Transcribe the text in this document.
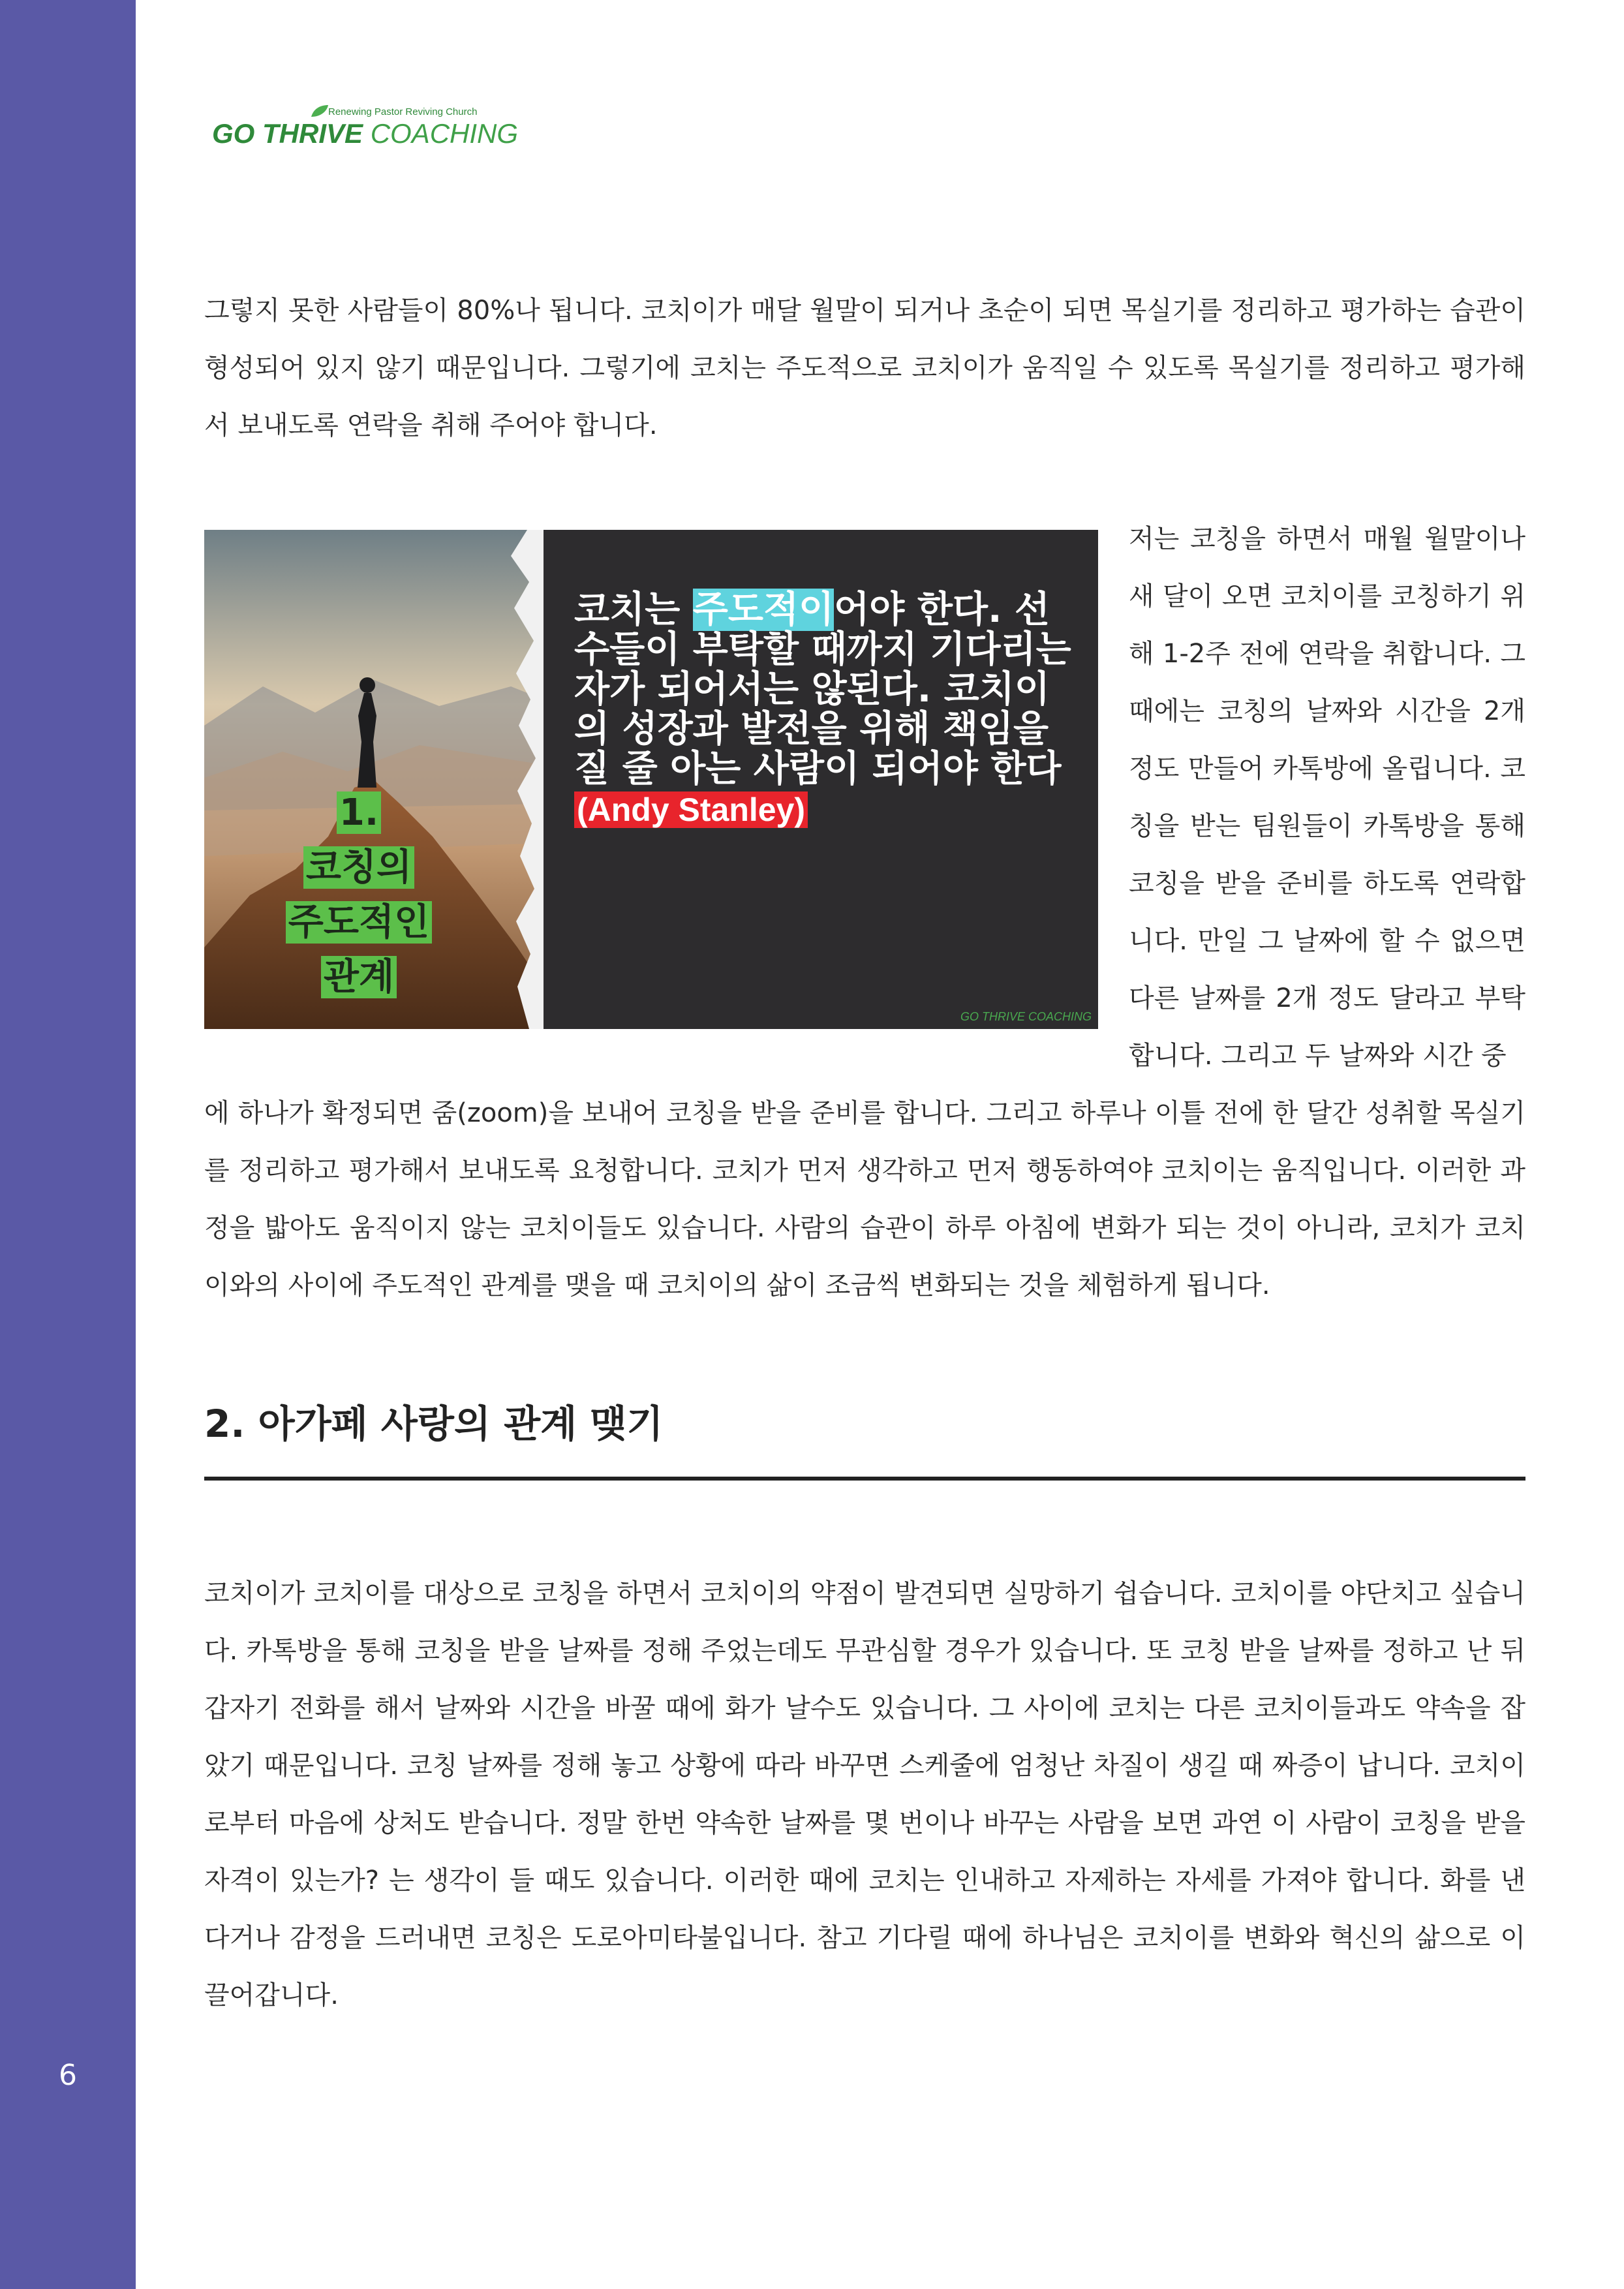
6
Renewing Pastor Reviving Church
GO THRIVE COACHING

그렇지 못한 사람들이 80%나 됩니다. 코치이가 매달 월말이 되거나 초순이 되면 목실기를 정리하고 평가하는 습관이 형성되어 있지 않기 때문입니다. 그렇기에 코치는 주도적으로 코치이가 움직일 수 있도록 목실기를 정리하고 평가해서 보내도록 연락을 취해 주어야 합니다.

1.
코칭의
주도적인
관계

코치는 주도적이어야 한다. 선수들이 부탁할 때까지 기다리는 자가 되어서는 않된다. 코치이의 성장과 발전을 위해 책임을 질 줄 아는 사람이 되어야 한다(Andy Stanley)

GO THRIVE COACHING

저는 코칭을 하면서 매월 월말이나 새 달이 오면 코치이를 코칭하기 위해 1-2주 전에 연락을 취합니다. 그때에는 코칭의 날짜와 시간을 2개 정도 만들어 카톡방에 올립니다. 코칭을 받는 팀원들이 카톡방을 통해 코칭을 받을 준비를 하도록 연락합니다. 만일 그 날짜에 할 수 없으면 다른 날짜를 2개 정도 달라고 부탁합니다. 그리고 두 날짜와 시간 중

에 하나가 확정되면 줌(zoom)을 보내어 코칭을 받을 준비를 합니다. 그리고 하루나 이틀 전에 한 달간 성취할 목실기를 정리하고 평가해서 보내도록 요청합니다. 코치가 먼저 생각하고 먼저 행동하여야 코치이는 움직입니다. 이러한 과정을 밟아도 움직이지 않는 코치이들도 있습니다. 사람의 습관이 하루 아침에 변화가 되는 것이 아니라, 코치가 코치이와의 사이에 주도적인 관계를 맺을 때 코치이의 삶이 조금씩 변화되는 것을 체험하게 됩니다.

2. 아가페 사랑의 관계 맺기

코치이가 코치이를 대상으로 코칭을 하면서 코치이의 약점이 발견되면 실망하기 쉽습니다. 코치이를 야단치고 싶습니다. 카톡방을 통해 코칭을 받을 날짜를 정해 주었는데도 무관심할 경우가 있습니다. 또 코칭 받을 날짜를 정하고 난 뒤 갑자기 전화를 해서 날짜와 시간을 바꿀 때에 화가 날수도 있습니다. 그 사이에 코치는 다른 코치이들과도 약속을 잡았기 때문입니다. 코칭 날짜를 정해 놓고 상황에 따라 바꾸면 스케줄에 엄청난 차질이 생길 때 짜증이 납니다. 코치이로부터 마음에 상처도 받습니다. 정말 한번 약속한 날짜를 몇 번이나 바꾸는 사람을 보면 과연 이 사람이 코칭을 받을 자격이 있는가? 는 생각이 들 때도 있습니다. 이러한 때에 코치는 인내하고 자제하는 자세를 가져야 합니다. 화를 낸다거나 감정을 드러내면 코칭은 도로아미타불입니다. 참고 기다릴 때에 하나님은 코치이를 변화와 혁신의 삶으로 이끌어갑니다.
